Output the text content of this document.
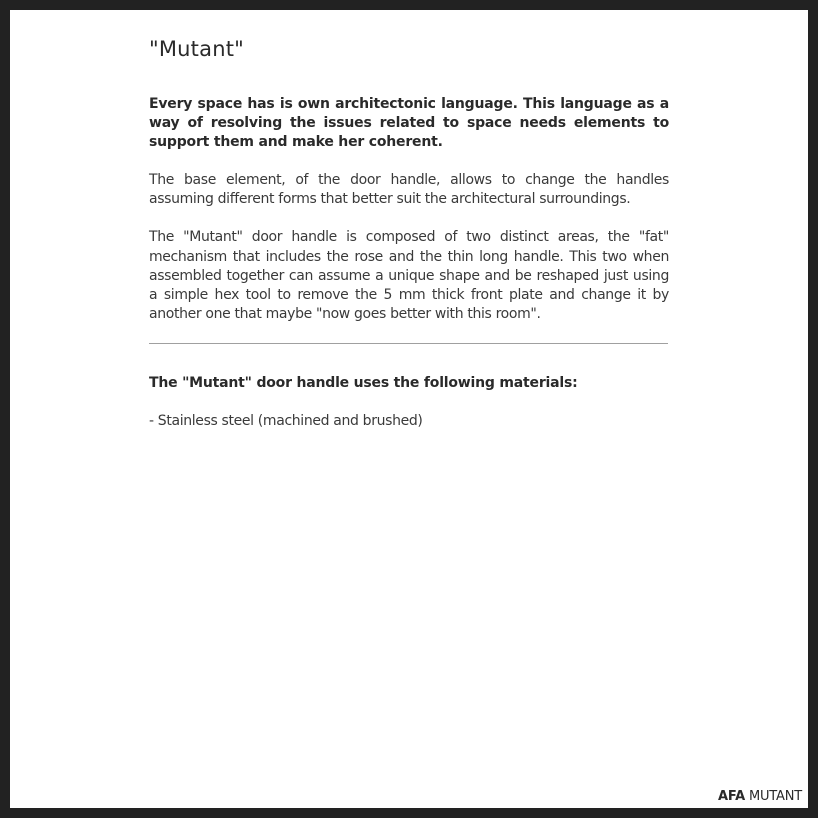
"Mutant"

Every space has is own architectonic language. This language as a way of resolving the issues related to space needs elements to support them and make her coherent.

The base element, of the door handle, allows to change the handles assuming different forms that better suit the architectural surroundings.

The "Mutant" door handle is composed of two distinct areas, the "fat" mechanism that includes the rose and the thin long handle. This two when assembled together can assume a unique shape and be reshaped just using a simple hex tool to remove the 5 mm thick front plate and change it by another one that maybe "now goes better with this room".

The "Mutant" door handle uses the following materials:
- Stainless steel (machined and brushed)
AFA MUTANT
